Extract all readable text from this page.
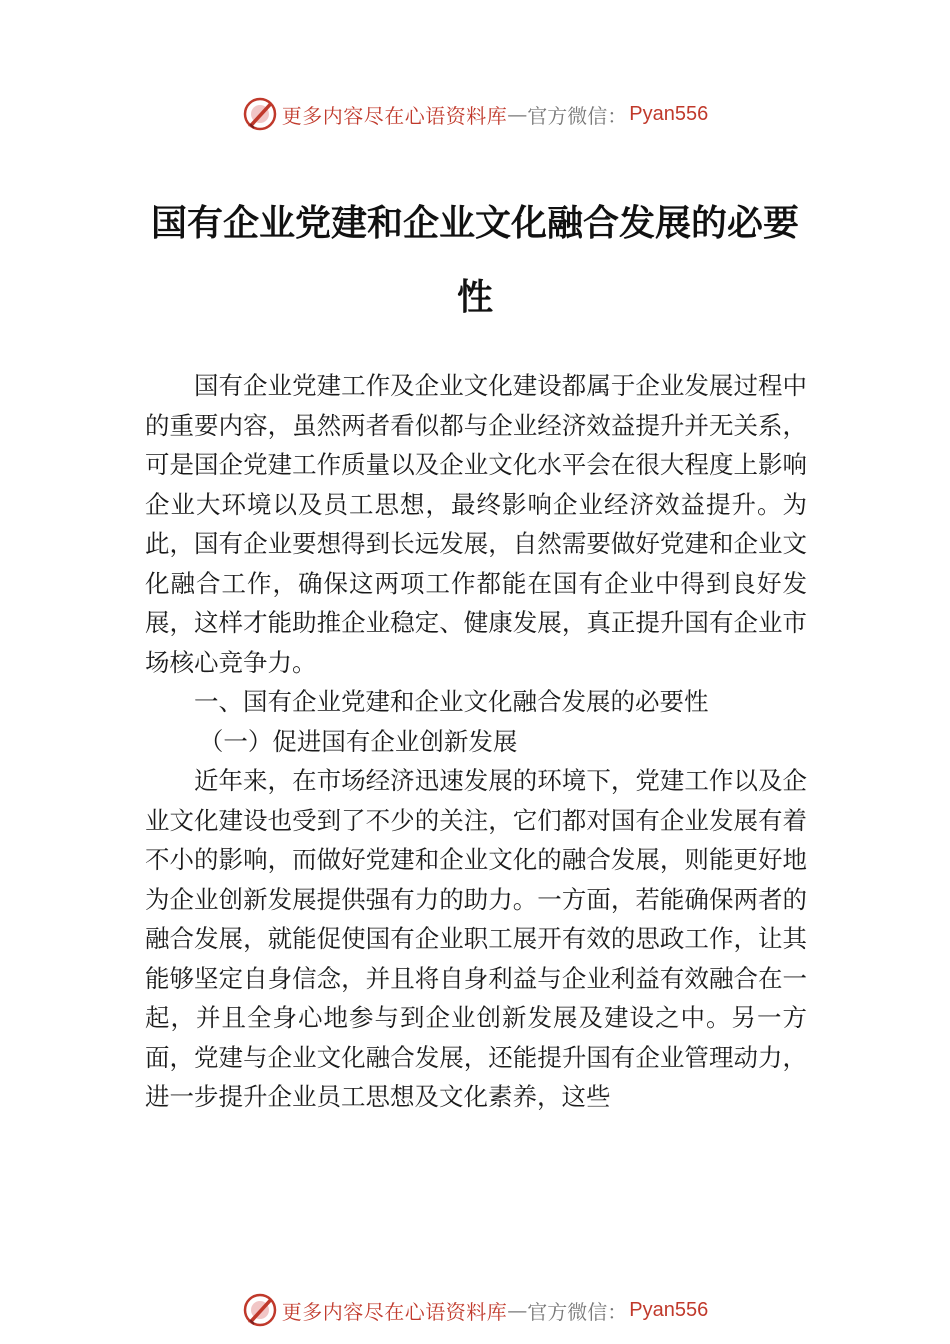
更多内容尽在心语资料库 — 官方微信： Pyan556
国有企业党建和企业文化融合发展的必要性

国有企业党建工作及企业文化建设都属于企业发展过程中的重要内容，虽然两者看似都与企业经济效益提升并无关系，可是国企党建工作质量以及企业文化水平会在很大程度上影响企业大环境以及员工思想，最终影响企业经济效益提升。为此，国有企业要想得到长远发展，自然需要做好党建和企业文化融合工作，确保这两项工作都能在国有企业中得到良好发展，这样才能助推企业稳定、健康发展，真正提升国有企业市场核心竞争力。

一、国有企业党建和企业文化融合发展的必要性

（一）促进国有企业创新发展

近年来，在市场经济迅速发展的环境下，党建工作以及企业文化建设也受到了不少的关注，它们都对国有企业发展有着不小的影响，而做好党建和企业文化的融合发展，则能更好地为企业创新发展提供强有力的助力。一方面，若能确保两者的融合发展，就能促使国有企业职工展开有效的思政工作，让其能够坚定自身信念，并且将自身利益与企业利益有效融合在一起，并且全身心地参与到企业创新发展及建设之中。另一方面，党建与企业文化融合发展，还能提升国有企业管理动力，进一步提升企业员工思想及文化素养，这些

更多内容尽在心语资料库 — 官方微信： Pyan556
